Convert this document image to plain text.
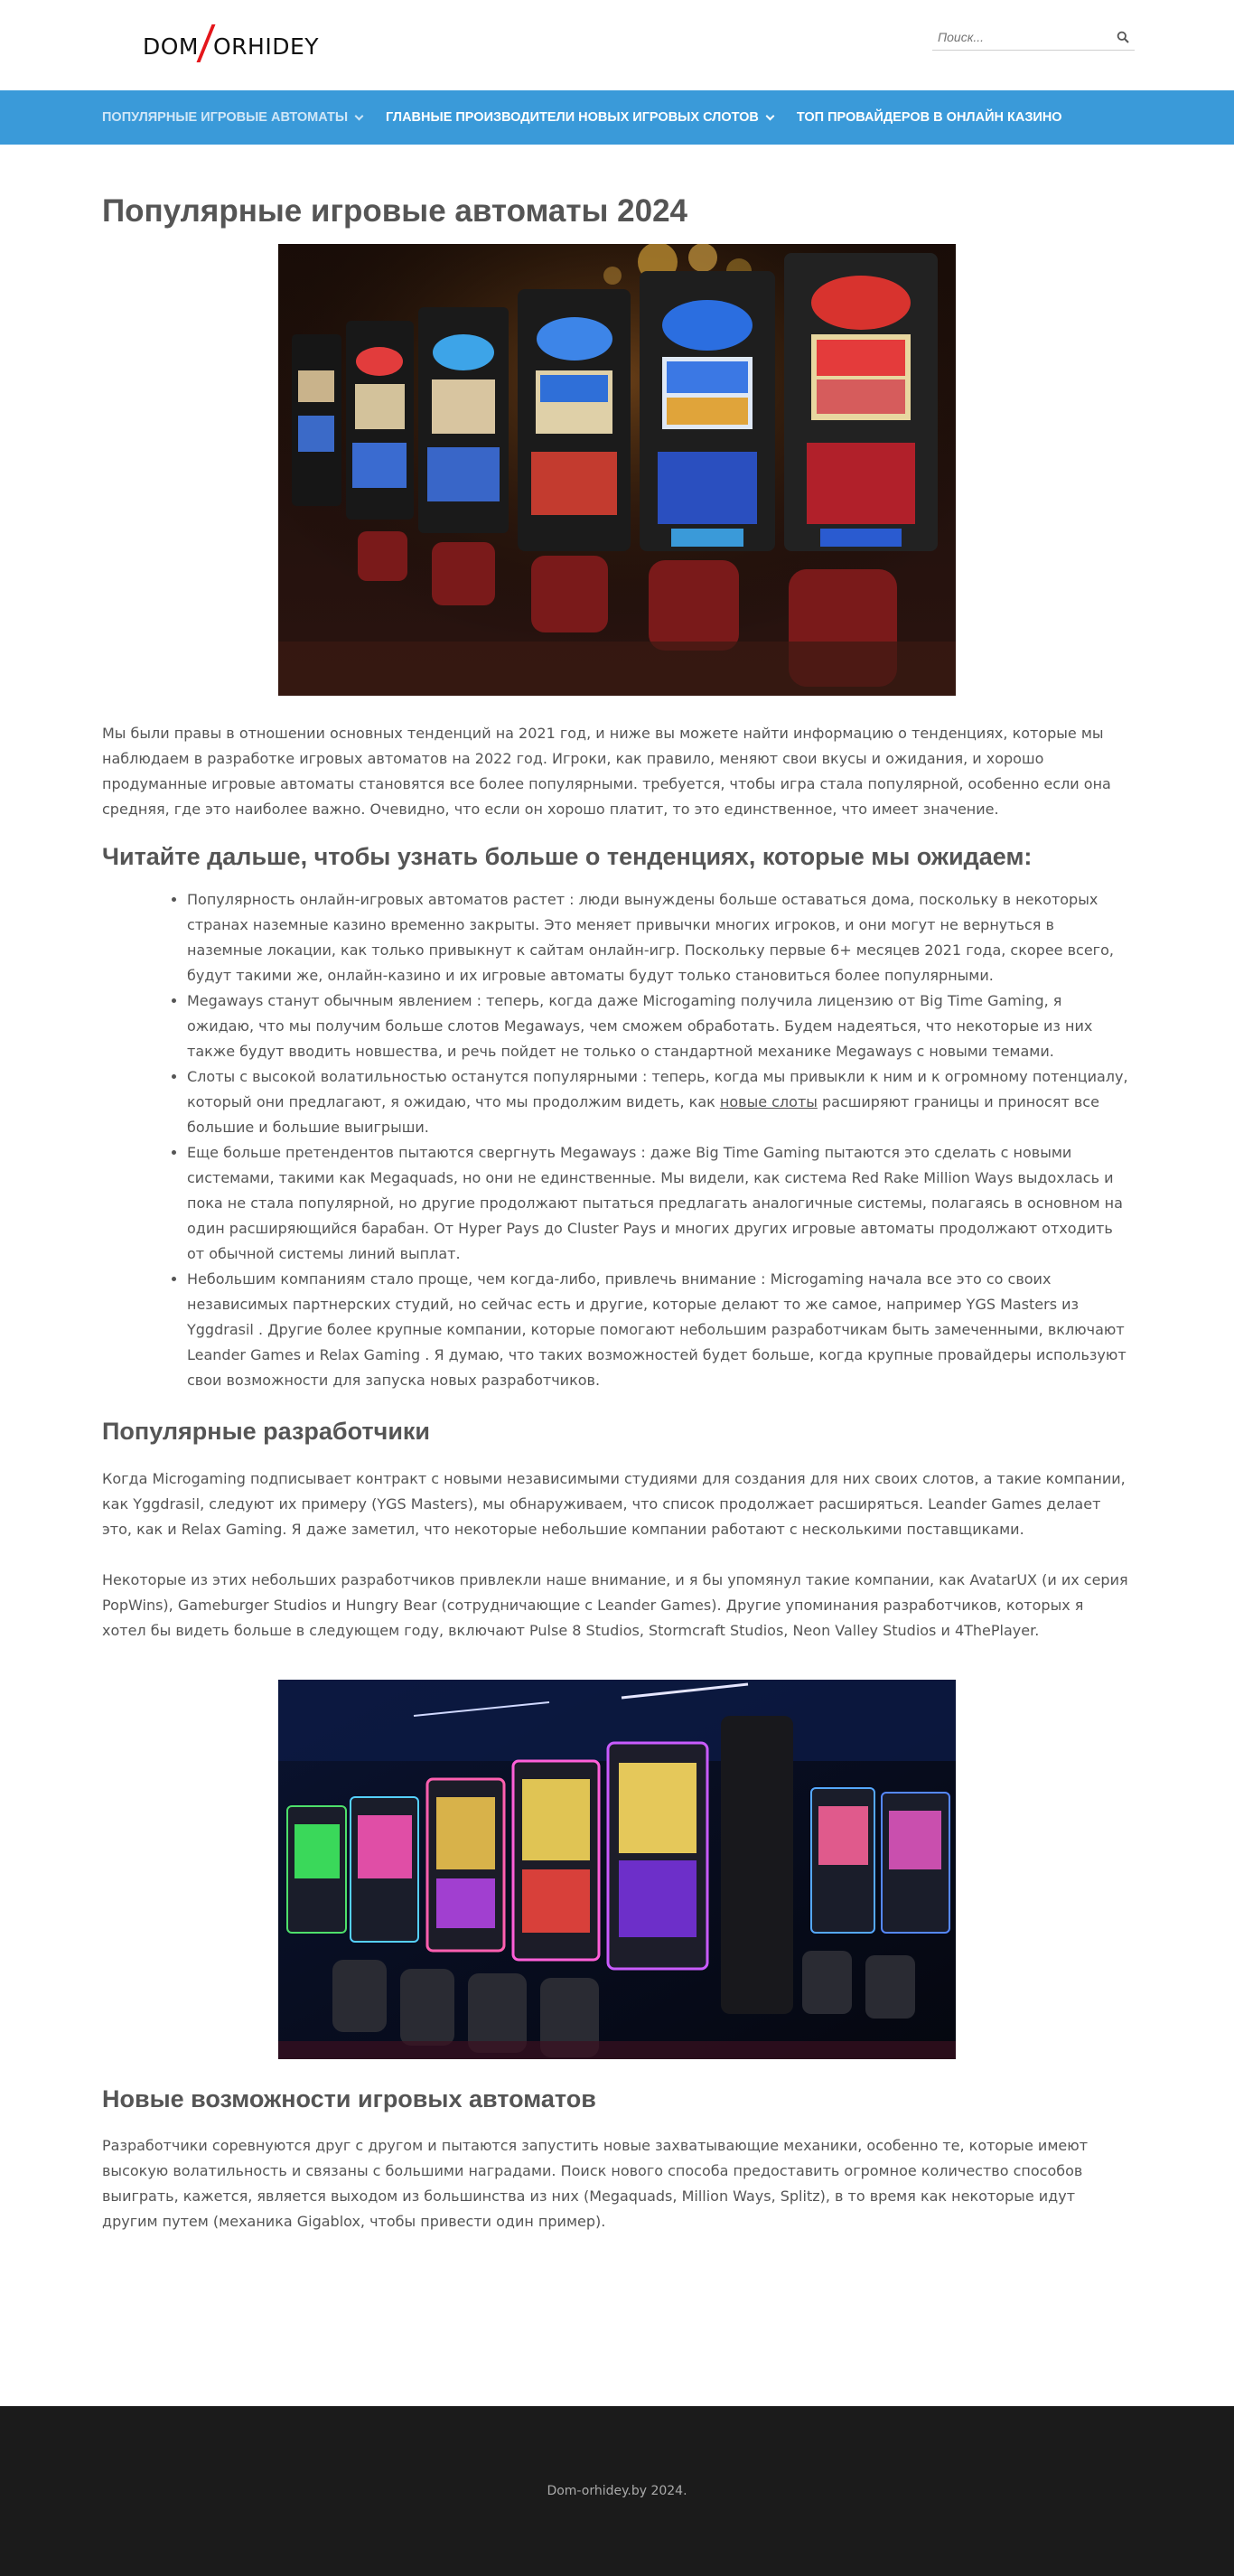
DOM ORHIDEY
Поиск...
ПОПУЛЯРНЫЕ ИГРОВЫЕ АВТОМАТЫ	ГЛАВНЫЕ ПРОИЗВОДИТЕЛИ НОВЫХ ИГРОВЫХ СЛОТОВ	ТОП ПРОВАЙДЕРОВ В ОНЛАЙН КАЗИНО
Популярные игровые автоматы 2024

Мы были правы в отношении основных тенденций на 2021 год, и ниже вы можете найти информацию о тенденциях, которые мы наблюдаем в разработке игровых автоматов на 2022 год. Игроки, как правило, меняют свои вкусы и ожидания, и хорошо продуманные игровые автоматы становятся все более популярными. требуется, чтобы игра стала популярной, особенно если она средняя, где это наиболее важно. Очевидно, что если он хорошо платит, то это единственное, что имеет значение.

Читайте дальше, чтобы узнать больше о тенденциях, которые мы ожидаем:
• Популярность онлайн-игровых автоматов растет : люди вынуждены больше оставаться дома, поскольку в некоторых странах наземные казино временно закрыты. Это меняет привычки многих игроков, и они могут не вернуться в наземные локации, как только привыкнут к сайтам онлайн-игр. Поскольку первые 6+ месяцев 2021 года, скорее всего, будут такими же, онлайн-казино и их игровые автоматы будут только становиться более популярными.
• Megaways станут обычным явлением : теперь, когда даже Microgaming получила лицензию от Big Time Gaming, я ожидаю, что мы получим больше слотов Megaways, чем сможем обработать. Будем надеяться, что некоторые из них также будут вводить новшества, и речь пойдет не только о стандартной механике Megaways с новыми темами.
• Слоты с высокой волатильностью останутся популярными : теперь, когда мы привыкли к ним и к огромному потенциалу, который они предлагают, я ожидаю, что мы продолжим видеть, как новые слоты расширяют границы и приносят все большие и большие выигрыши.
• Еще больше претендентов пытаются свергнуть Megaways : даже Big Time Gaming пытаются это сделать с новыми системами, такими как Megaquads, но они не единственные. Мы видели, как система Red Rake Million Ways выдохлась и пока не стала популярной, но другие продолжают пытаться предлагать аналогичные системы, полагаясь в основном на один расширяющийся барабан. От Hyper Pays до Cluster Pays и многих других игровые автоматы продолжают отходить от обычной системы линий выплат.
• Небольшим компаниям стало проще, чем когда-либо, привлечь внимание : Microgaming начала все это со своих независимых партнерских студий, но сейчас есть и другие, которые делают то же самое, например YGS Masters из Yggdrasil . Другие более крупные компании, которые помогают небольшим разработчикам быть замеченными, включают Leander Games и Relax Gaming . Я думаю, что таких возможностей будет больше, когда крупные провайдеры используют свои возможности для запуска новых разработчиков.
Популярные разработчики

Когда Microgaming подписывает контракт с новыми независимыми студиями для создания для них своих слотов, а такие компании, как Yggdrasil, следуют их примеру (YGS Masters), мы обнаруживаем, что список продолжает расширяться. Leander Games делает это, как и Relax Gaming. Я даже заметил, что некоторые небольшие компании работают с несколькими поставщиками.

Некоторые из этих небольших разработчиков привлекли наше внимание, и я бы упомянул такие компании, как AvatarUX (и их серия PopWins), Gameburger Studios и Hungry Bear (сотрудничающие с Leander Games). Другие упоминания разработчиков, которых я хотел бы видеть больше в следующем году, включают Pulse 8 Studios, Stormcraft Studios, Neon Valley Studios и 4ThePlayer.

Новые возможности игровых автоматов

Разработчики соревнуются друг с другом и пытаются запустить новые захватывающие механики, особенно те, которые имеют высокую волатильность и связаны с большими наградами. Поиск нового способа предоставить огромное количество способов выиграть, кажется, является выходом из большинства из них (Megaquads, Million Ways, Splitz), в то время как некоторые идут другим путем (механика Gigablox, чтобы привести один пример).

Dom-orhidey.by 2024.
